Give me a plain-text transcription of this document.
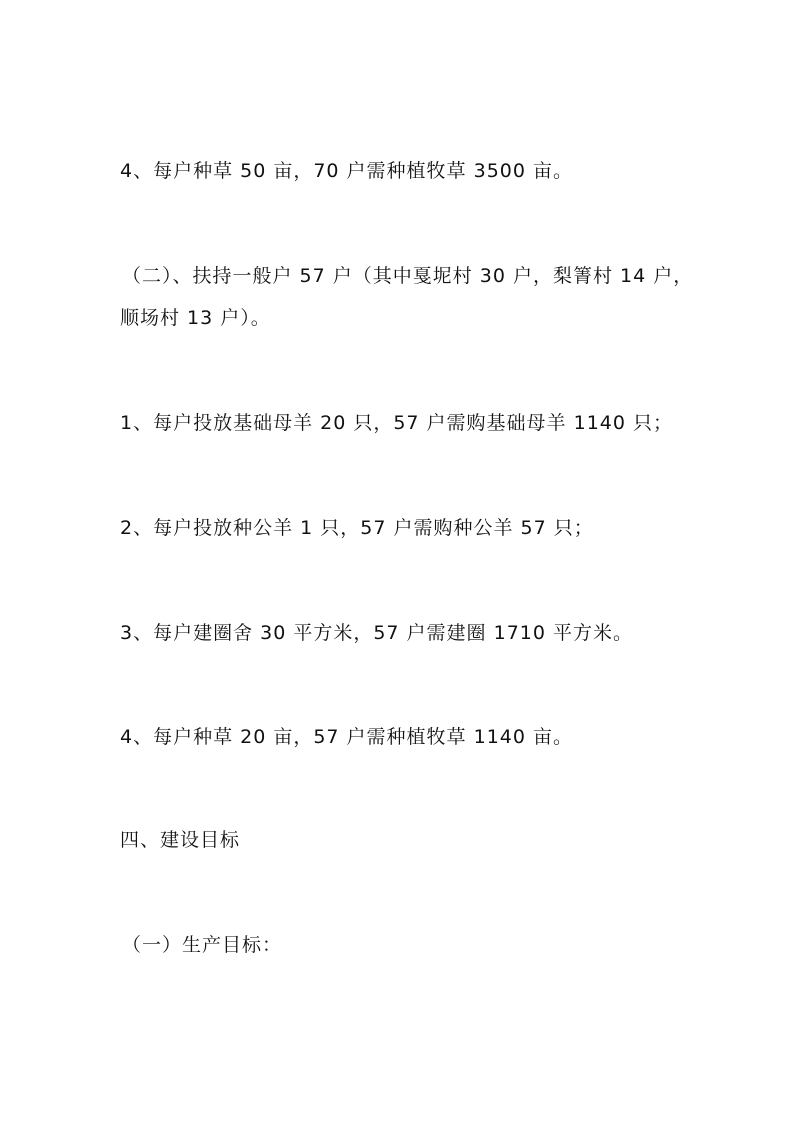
4、每户种草 50 亩，70 户需种植牧草 3500 亩。

（二）、扶持一般户 57 户（其中戛坭村 30 户，梨箐村 14 户，

顺场村 13 户）。

1、每户投放基础母羊 20 只，57 户需购基础母羊 1140 只；

2、每户投放种公羊 1 只，57 户需购种公羊 57 只；

3、每户建圈舍 30 平方米，57 户需建圈 1710 平方米。

4、每户种草 20 亩，57 户需种植牧草 1140 亩。

四、建设目标

（一）生产目标：
